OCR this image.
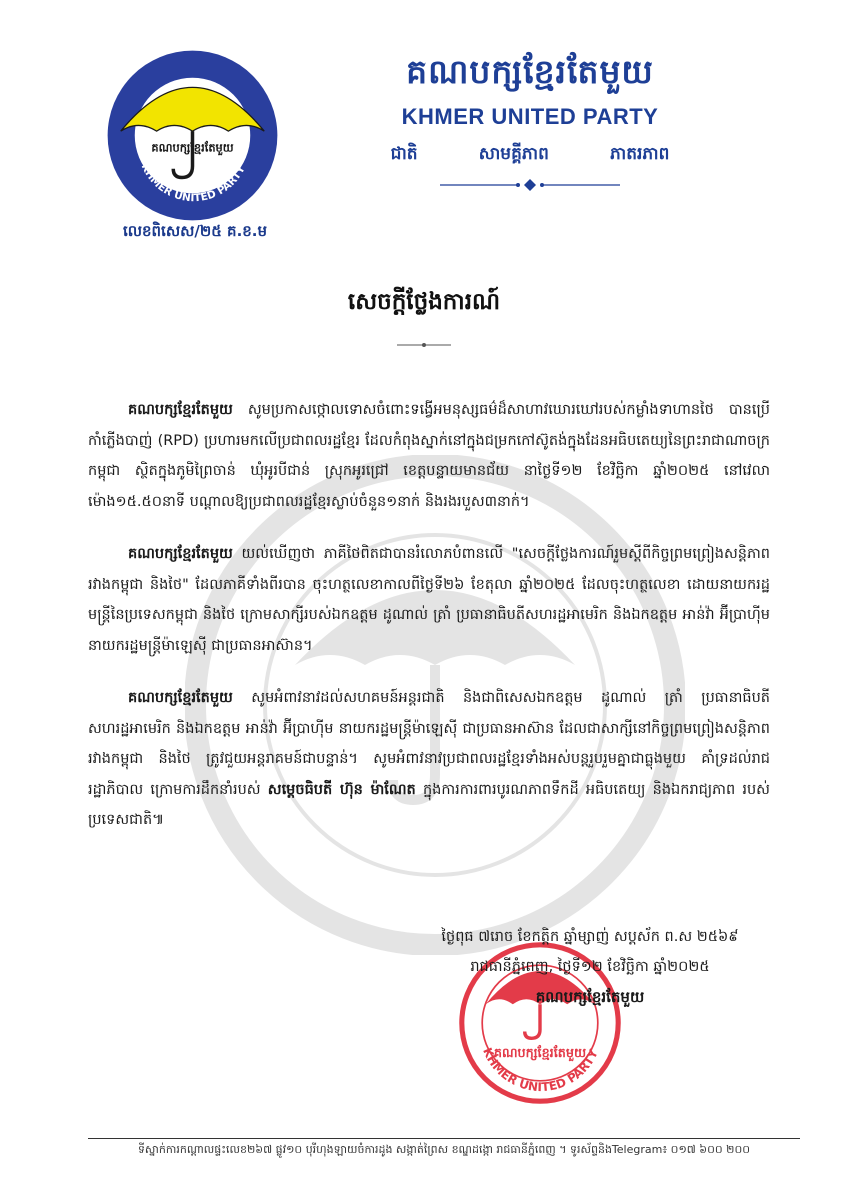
KHMER UNITED PARTY
គណបក្សខ្មែរតែមួយ
លេខពិសេស/២៥ គ.ខ.ម
គណបក្សខ្មែរតែមួយ
KHMER UNITED PARTY
ជាតិ	សាមគ្គីភាព	ភាតរភាព
សេចក្តីថ្លែងការណ៍

គណបក្សខ្មែរតែមួយ សូមប្រកាសថ្កោលទោសចំពោះទង្វើអមនុស្សធម៌ដ៏សាហាវឃោរឃៅរបស់កម្លាំងទាហានថៃ បានប្រើកាំភ្លើងបាញ់ (RPD) ប្រហារមកលើប្រជាពលរដ្ឋខ្មែរ ដែលកំពុងស្នាក់នៅក្នុងជម្រកកៅស៊ូតង់ក្នុងដែនអធិបតេយ្យនៃព្រះរាជាណាចក្រកម្ពុជា ស្ថិតក្នុងភូមិព្រៃចាន់ ឃុំអូរបីជាន់ ស្រុកអូរជ្រៅ ខេត្តបន្ទាយមានជ័យ នាថ្ងៃទី១២ ខែវិច្ឆិកា ឆ្នាំ២០២៥ នៅវេលាម៉ោង១៥.៥០នាទី បណ្តាលឱ្យប្រជាពលរដ្ឋខ្មែរស្លាប់ចំនួន១នាក់ និងរងរបួស៣នាក់។

គណបក្សខ្មែរតែមួយ យល់ឃើញថា ភាគីថៃពិតជាបានរំលោភបំពានលើ "សេចក្តីថ្លែងការណ៍រួមស្តីពីកិច្ចព្រមព្រៀងសន្តិភាពរវាងកម្ពុជា និងថៃ" ដែលភាគីទាំងពីរបាន ចុះហត្ថលេខាកាលពីថ្ងៃទី២៦ ខែតុលា ឆ្នាំ២០២៥ ដែលចុះហត្ថលេខា ដោយនាយករដ្ឋមន្ត្រីនៃប្រទេសកម្ពុជា និងថៃ ក្រោមសាក្សីរបស់ឯកឧត្តម ដូណាល់ ត្រាំ ប្រធានាធិបតីសហរដ្ឋអាមេរិក និងឯកឧត្តម អាន់វ៉ា អ៊ីប្រាហ៊ីម នាយករដ្ឋមន្ត្រីម៉ាឡេស៊ី ជាប្រធានអាស៊ាន។

គណបក្សខ្មែរតែមួយ សូមអំពាវនាវដល់សហគមន៍អន្តរជាតិ និងជាពិសេសឯកឧត្តម ដូណាល់ ត្រាំ ប្រធានាធិបតីសហរដ្ឋអាមេរិក និងឯកឧត្តម អាន់វ៉ា អ៊ីប្រាហ៊ីម នាយករដ្ឋមន្ត្រីម៉ាឡេស៊ី ជាប្រធានអាស៊ាន ដែលជាសាក្សីនៅកិច្ចព្រមព្រៀងសន្តិភាពរវាងកម្ពុជា និងថៃ ត្រូវជួយអន្តរាគមន៍ជាបន្ទាន់។ សូមអំពាវនាវប្រជាពលរដ្ឋខ្មែរទាំងអស់បន្តរួបរួមគ្នាជាធ្លុងមួយ គាំទ្រដល់រាជរដ្ឋាភិបាល ក្រោមការដឹកនាំរបស់ សម្តេចធិបតី ហ៊ុន ម៉ាណែត ក្នុងការការពារបូរណភាពទឹកដី អធិបតេយ្យ និងឯករាជ្យភាព របស់ប្រទេសជាតិ៕

គណបក្សខ្មែរតែមួយ
KHMER UNITED PARTY
ថ្ងៃពុធ ៧រោច ខែកត្តិក ឆ្នាំម្សាញ់ សប្តស័ក ព.ស ២៥៦៩
រាជធានីភ្នំពេញ, ថ្ងៃទី១២ ខែវិច្ឆិកា ឆ្នាំ២០២៥
គណបក្សខ្មែរតែមួយ
ទីស្នាក់ការកណ្តាលផ្ទះលេខ២៦៧ ផ្លូវ១០ បុរីហុងឡាយចំការដូង សង្កាត់ព្រៃស ខណ្ឌដង្កោ រាជធានីភ្នំពេញ ។ ទូរស័ព្ទនិងTelegram៖ ០១៧ ៦០០ ២០០
